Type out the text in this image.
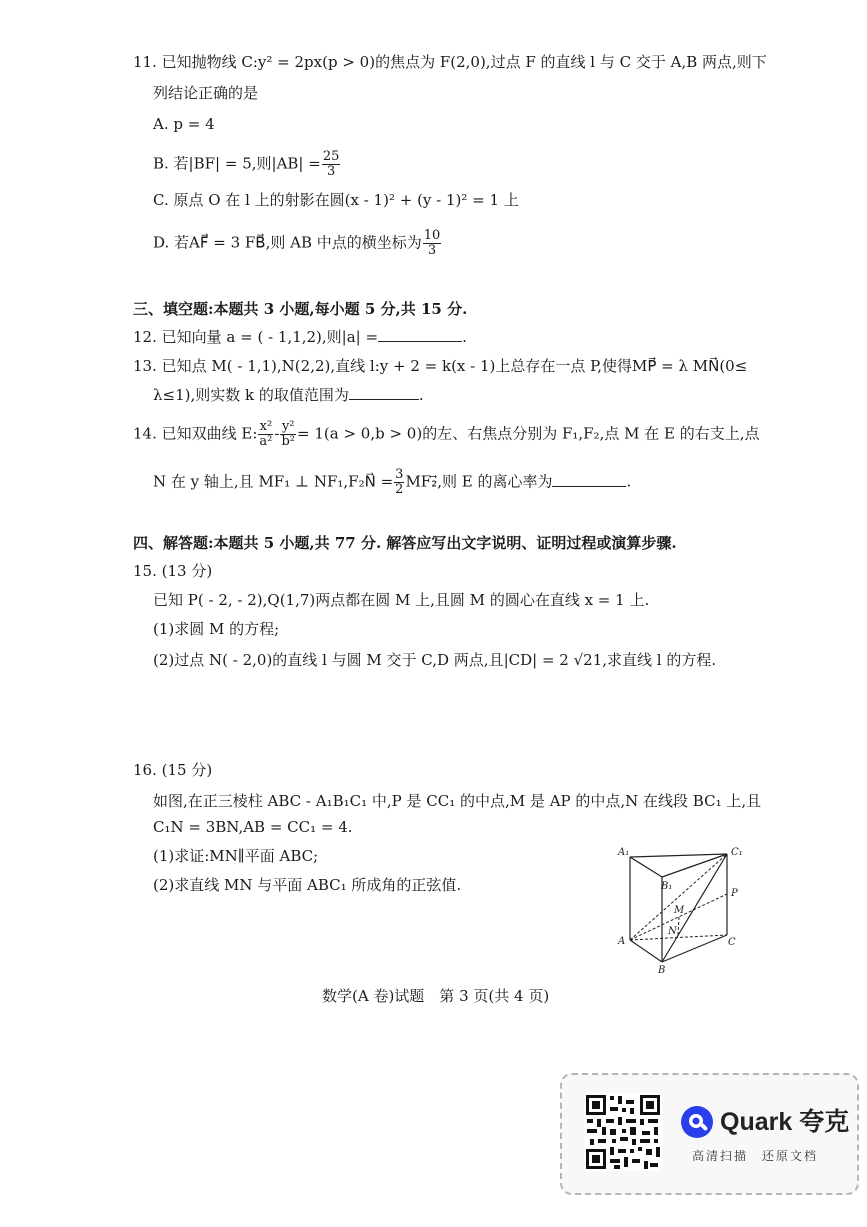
11. 已知抛物线 C:y² = 2px(p > 0)的焦点为 F(2,0),过点 F 的直线 l 与 C 交于 A,B 两点,则下
列结论正确的是
A. p = 4
B. 若|BF| = 5,则$|AB| = \frac{25}{3}$
C. 原点 O 在 l 上的射影在圆(x - 1)² + (y - 1)² = 1 上
D. 若AF⃗ = 3 FB⃗,则 AB 中点的横坐标为 $\frac{10}{3}$
三、填空题:本题共 3 小题,每小题 5 分,共 15 分.
12. 已知向量 a = ( - 1,1,2),则|a| =	.
13. 已知点 M( - 1,1),N(2,2),直线 l:y + 2 = k(x - 1)上总存在一点 P,使得MP⃗ = λ MN⃗(0≤
λ≤1),则实数 k 的取值范围为	.
14. 已知双曲线 E: $\frac{\text{x²}}{\text{a²}} - \frac{\text{y²}}{\text{b²}} = 1(a > 0,b > 0)$的左、右焦点分别为 F₁,F₂,点 M 在 E 的右支上,点
N 在 y 轴上,且 MF₁ ⊥ NF₁,F₂N⃗ = $\frac{3}{2}$ MF₂⃗,则 E 的离心率为	.
四、解答题:本题共 5 小题,共 77 分. 解答应写出文字说明、证明过程或演算步骤.
15. (13 分)
已知 P( - 2, - 2),Q(1,7)两点都在圆 M 上,且圆 M 的圆心在直线 x = 1 上.
(1)求圆 M 的方程;
(2)过点 N( - 2,0)的直线 l 与圆 M 交于 C,D 两点,且|CD| = 2 √21,求直线 l 的方程.
16. (15 分)
如图,在正三棱柱 ABC - A₁B₁C₁ 中,P 是 CC₁ 的中点,M 是 AP 的中点,N 在线段 BC₁ 上,且
C₁N = 3BN,AB = CC₁ = 4.
(1)求证:MN∥平面 ABC;
(2)求直线 MN 与平面 ABC₁ 所成角的正弦值.
A₁	C₁
B₁
P
M
N
A	C
B
数学(A 卷)试题　第 3 页(共 4 页)
Quark 夸克
高清扫描　还原文档
